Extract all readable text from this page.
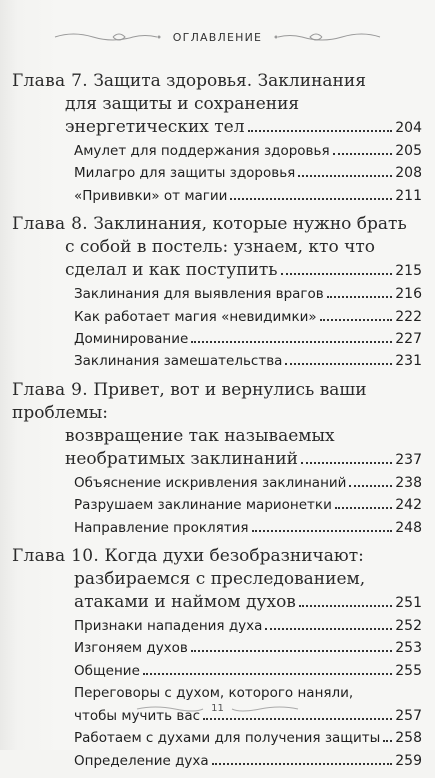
ОГЛАВЛЕНИЕ
Глава 7. Защита здоровья. Заклинания
для защиты и сохранения
энергетических тел	204
Амулет для поддержания здоровья	205
Милагро для защиты здоровья	208
«Прививки» от магии	211
Глава 8. Заклинания, которые нужно брать
с собой в постель: узнаем, кто что
сделал и как поступить	215
Заклинания для выявления врагов	216
Как работает магия «невидимки»	222
Доминирование	227
Заклинания замешательства	231
Глава 9. Привет, вот и вернулись ваши проблемы:
возвращение так называемых
необратимых заклинаний	237
Объяснение искривления заклинаний	238
Разрушаем заклинание марионетки	242
Направление проклятия	248
Глава 10. Когда духи безобразничают:
разбираемся с преследованием,
атаками и наймом духов	251
Признаки нападения духа	252
Изгоняем духов	253
Общение	255
Переговоры с духом, которого наняли,
чтобы мучить вас	257
Работаем с духами для получения защиты 258
Определение духа	259
11
